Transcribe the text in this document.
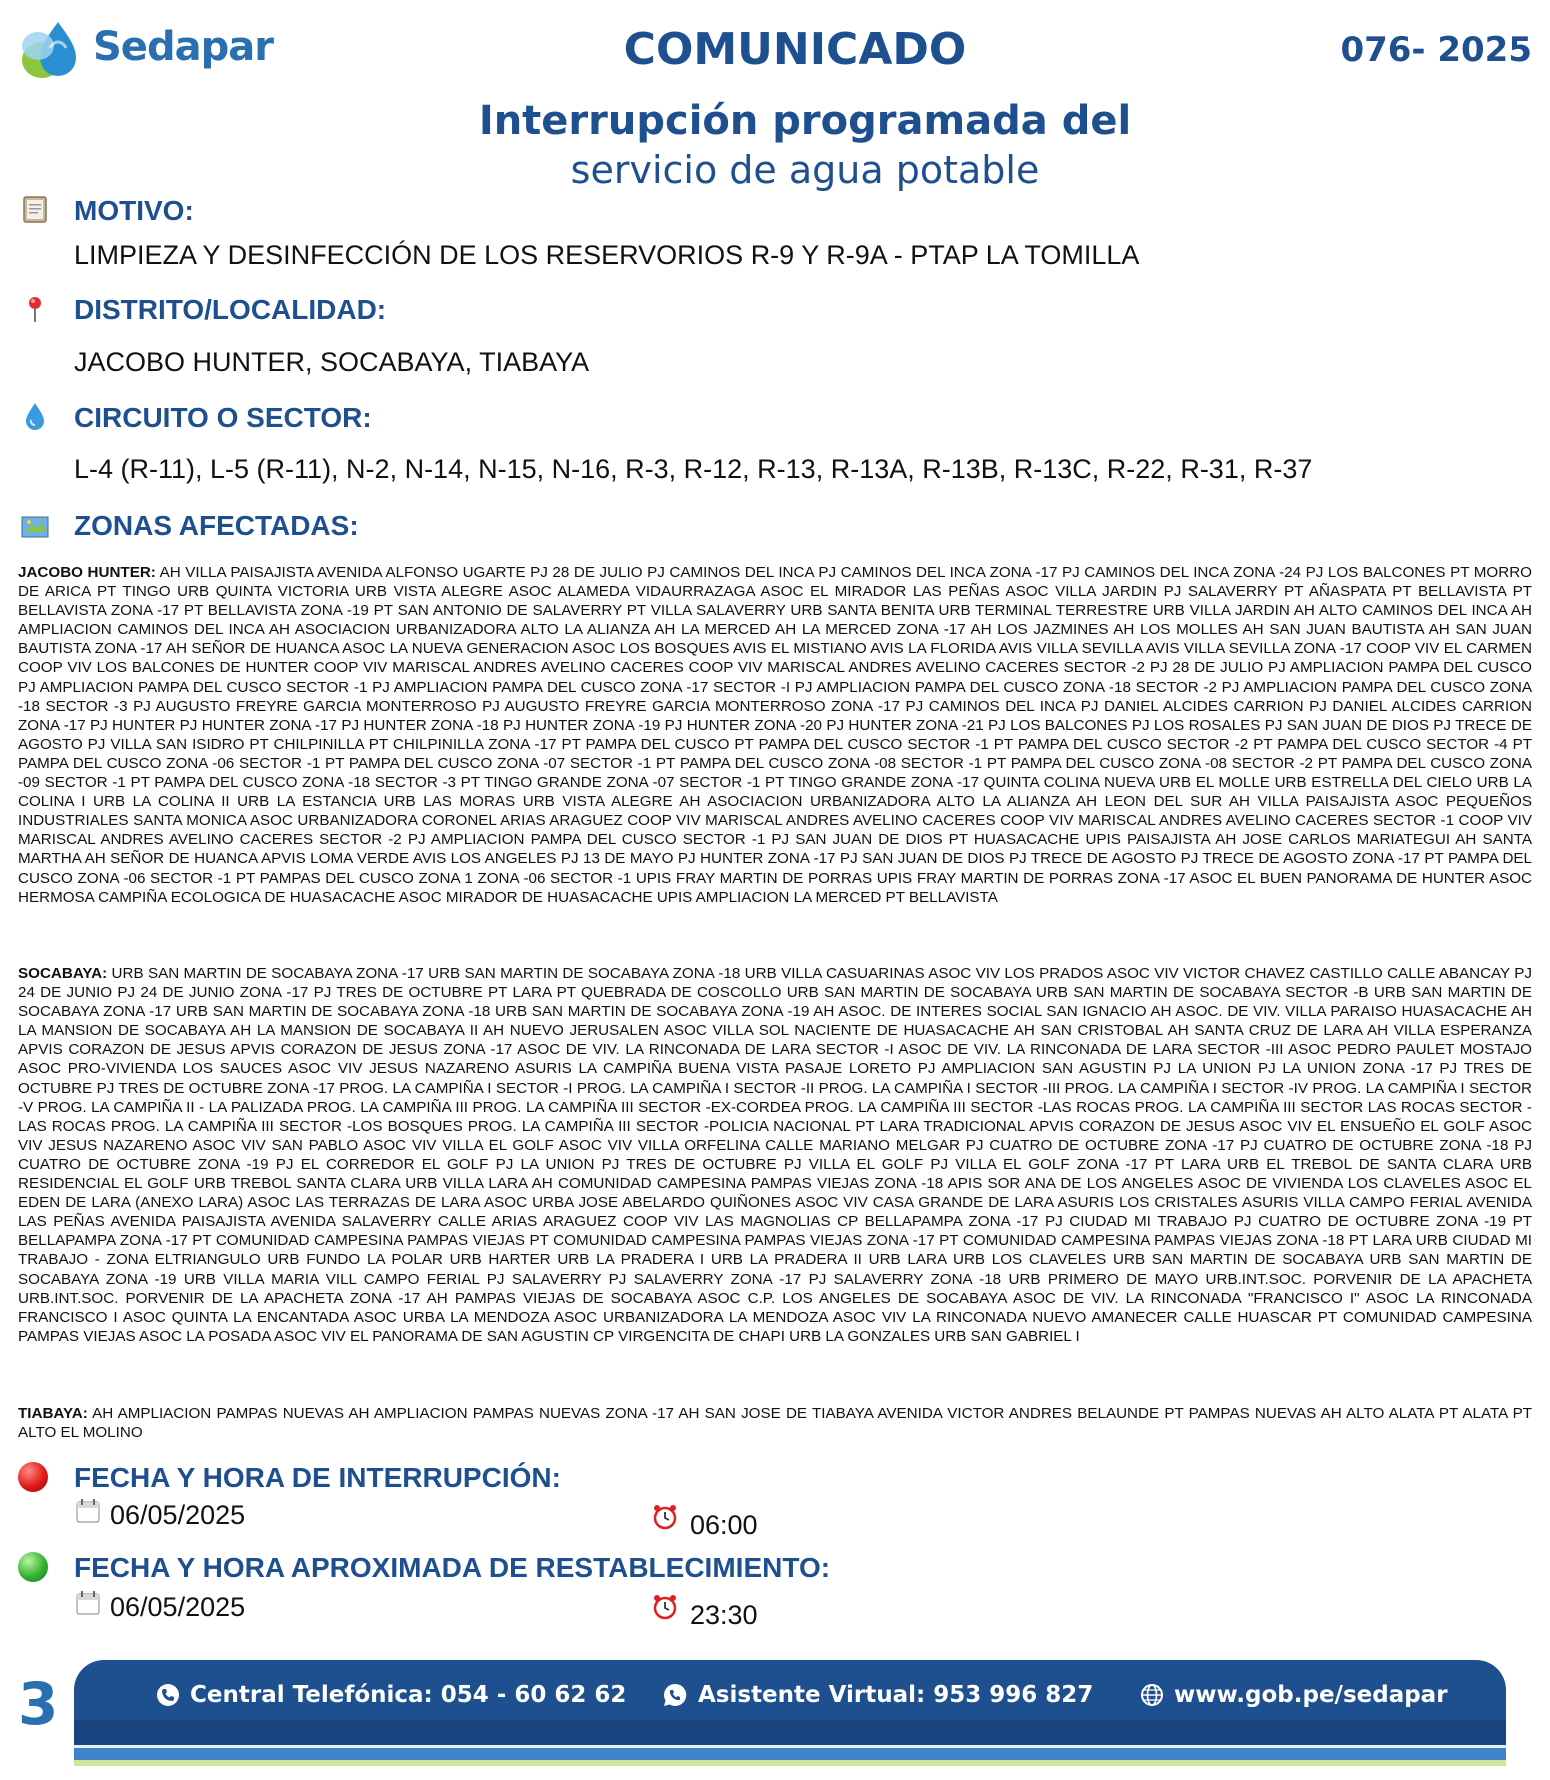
Sedapar	COMUNICADO	076- 2025
Interrupción programada del
servicio de agua potable
MOTIVO:
LIMPIEZA Y DESINFECCIÓN DE LOS RESERVORIOS R-9 Y R-9A - PTAP LA TOMILLA
DISTRITO/LOCALIDAD:
JACOBO HUNTER, SOCABAYA, TIABAYA
CIRCUITO O SECTOR:
L-4 (R-11), L-5 (R-11), N-2, N-14, N-15, N-16, R-3, R-12, R-13, R-13A, R-13B, R-13C, R-22, R-31, R-37
ZONAS AFECTADAS:
JACOBO HUNTER: AH VILLA PAISAJISTA AVENIDA ALFONSO UGARTE PJ 28 DE JULIO PJ CAMINOS DEL INCA PJ CAMINOS DEL INCA ZONA -17 PJ CAMINOS DEL INCA ZONA -24 PJ LOS BALCONES PT MORRO DE ARICA PT TINGO URB QUINTA VICTORIA URB VISTA ALEGRE ASOC ALAMEDA VIDAURRAZAGA ASOC EL MIRADOR LAS PEÑAS ASOC VILLA JARDIN PJ SALAVERRY PT AÑASPATA PT BELLAVISTA PT BELLAVISTA ZONA -17 PT BELLAVISTA ZONA -19 PT SAN ANTONIO DE SALAVERRY PT VILLA SALAVERRY URB SANTA BENITA URB TERMINAL TERRESTRE URB VILLA JARDIN AH ALTO CAMINOS DEL INCA AH AMPLIACION CAMINOS DEL INCA AH ASOCIACION URBANIZADORA ALTO LA ALIANZA AH LA MERCED AH LA MERCED ZONA -17 AH LOS JAZMINES AH LOS MOLLES AH SAN JUAN BAUTISTA AH SAN JUAN BAUTISTA ZONA -17 AH SEÑOR DE HUANCA ASOC LA NUEVA GENERACION ASOC LOS BOSQUES AVIS EL MISTIANO AVIS LA FLORIDA AVIS VILLA SEVILLA AVIS VILLA SEVILLA ZONA -17 COOP VIV EL CARMEN COOP VIV LOS BALCONES DE HUNTER COOP VIV MARISCAL ANDRES AVELINO CACERES COOP VIV MARISCAL ANDRES AVELINO CACERES SECTOR -2 PJ 28 DE JULIO PJ AMPLIACION PAMPA DEL CUSCO PJ AMPLIACION PAMPA DEL CUSCO SECTOR -1 PJ AMPLIACION PAMPA DEL CUSCO ZONA -17 SECTOR -I PJ AMPLIACION PAMPA DEL CUSCO ZONA -18 SECTOR -2 PJ AMPLIACION PAMPA DEL CUSCO ZONA -18 SECTOR -3 PJ AUGUSTO FREYRE GARCIA MONTERROSO PJ AUGUSTO FREYRE GARCIA MONTERROSO ZONA -17 PJ CAMINOS DEL INCA PJ DANIEL ALCIDES CARRION PJ DANIEL ALCIDES CARRION ZONA -17 PJ HUNTER PJ HUNTER ZONA -17 PJ HUNTER ZONA -18 PJ HUNTER ZONA -19 PJ HUNTER ZONA -20 PJ HUNTER ZONA -21 PJ LOS BALCONES PJ LOS ROSALES PJ SAN JUAN DE DIOS PJ TRECE DE AGOSTO PJ VILLA SAN ISIDRO PT CHILPINILLA PT CHILPINILLA ZONA -17 PT PAMPA DEL CUSCO PT PAMPA DEL CUSCO SECTOR -1 PT PAMPA DEL CUSCO SECTOR -2 PT PAMPA DEL CUSCO SECTOR -4 PT PAMPA DEL CUSCO ZONA -06 SECTOR -1 PT PAMPA DEL CUSCO ZONA -07 SECTOR -1 PT PAMPA DEL CUSCO ZONA -08 SECTOR -1 PT PAMPA DEL CUSCO ZONA -08 SECTOR -2 PT PAMPA DEL CUSCO ZONA -09 SECTOR -1 PT PAMPA DEL CUSCO ZONA -18 SECTOR -3 PT TINGO GRANDE ZONA -07 SECTOR -1 PT TINGO GRANDE ZONA -17 QUINTA COLINA NUEVA URB EL MOLLE URB ESTRELLA DEL CIELO URB LA COLINA I URB LA COLINA II URB LA ESTANCIA URB LAS MORAS URB VISTA ALEGRE AH ASOCIACION URBANIZADORA ALTO LA ALIANZA AH LEON DEL SUR AH VILLA PAISAJISTA ASOC PEQUEÑOS INDUSTRIALES SANTA MONICA ASOC URBANIZADORA CORONEL ARIAS ARAGUEZ COOP VIV MARISCAL ANDRES AVELINO CACERES COOP VIV MARISCAL ANDRES AVELINO CACERES SECTOR -1 COOP VIV MARISCAL ANDRES AVELINO CACERES SECTOR -2 PJ AMPLIACION PAMPA DEL CUSCO SECTOR -1 PJ SAN JUAN DE DIOS PT HUASACACHE UPIS PAISAJISTA AH JOSE CARLOS MARIATEGUI AH SANTA MARTHA AH SEÑOR DE HUANCA APVIS LOMA VERDE AVIS LOS ANGELES PJ 13 DE MAYO PJ HUNTER ZONA -17 PJ SAN JUAN DE DIOS PJ TRECE DE AGOSTO PJ TRECE DE AGOSTO ZONA -17 PT PAMPA DEL CUSCO ZONA -06 SECTOR -1 PT PAMPAS DEL CUSCO ZONA 1 ZONA -06 SECTOR -1 UPIS FRAY MARTIN DE PORRAS UPIS FRAY MARTIN DE PORRAS ZONA -17 ASOC EL BUEN PANORAMA DE HUNTER ASOC HERMOSA CAMPIÑA ECOLOGICA DE HUASACACHE ASOC MIRADOR DE HUASACACHE UPIS AMPLIACION LA MERCED PT BELLAVISTA
SOCABAYA: URB SAN MARTIN DE SOCABAYA ZONA -17 URB SAN MARTIN DE SOCABAYA ZONA -18 URB VILLA CASUARINAS ASOC VIV LOS PRADOS ASOC VIV VICTOR CHAVEZ CASTILLO CALLE ABANCAY PJ 24 DE JUNIO PJ 24 DE JUNIO ZONA -17 PJ TRES DE OCTUBRE PT LARA PT QUEBRADA DE COSCOLLO URB SAN MARTIN DE SOCABAYA URB SAN MARTIN DE SOCABAYA SECTOR -B URB SAN MARTIN DE SOCABAYA ZONA -17 URB SAN MARTIN DE SOCABAYA ZONA -18 URB SAN MARTIN DE SOCABAYA ZONA -19 AH ASOC. DE INTERES SOCIAL SAN IGNACIO AH ASOC. DE VIV. VILLA PARAISO HUASACACHE AH LA MANSION DE SOCABAYA AH LA MANSION DE SOCABAYA II AH NUEVO JERUSALEN ASOC VILLA SOL NACIENTE DE HUASACACHE AH SAN CRISTOBAL AH SANTA CRUZ DE LARA AH VILLA ESPERANZA APVIS CORAZON DE JESUS APVIS CORAZON DE JESUS ZONA -17 ASOC DE VIV. LA RINCONADA DE LARA SECTOR -I ASOC DE VIV. LA RINCONADA DE LARA SECTOR -III ASOC PEDRO PAULET MOSTAJO ASOC PRO-VIVIENDA LOS SAUCES ASOC VIV JESUS NAZARENO ASURIS LA CAMPIÑA BUENA VISTA PASAJE LORETO PJ AMPLIACION SAN AGUSTIN PJ LA UNION PJ LA UNION ZONA -17 PJ TRES DE OCTUBRE PJ TRES DE OCTUBRE ZONA -17 PROG. LA CAMPIÑA I SECTOR -I PROG. LA CAMPIÑA I SECTOR -II PROG. LA CAMPIÑA I SECTOR -III PROG. LA CAMPIÑA I SECTOR -IV PROG. LA CAMPIÑA I SECTOR -V PROG. LA CAMPIÑA II - LA PALIZADA PROG. LA CAMPIÑA III PROG. LA CAMPIÑA III SECTOR -EX-CORDEA PROG. LA CAMPIÑA III SECTOR -LAS ROCAS PROG. LA CAMPIÑA III SECTOR LAS ROCAS SECTOR -LAS ROCAS PROG. LA CAMPIÑA III SECTOR -LOS BOSQUES PROG. LA CAMPIÑA III SECTOR -POLICIA NACIONAL PT LARA TRADICIONAL APVIS CORAZON DE JESUS ASOC VIV EL ENSUEÑO EL GOLF ASOC VIV JESUS NAZARENO ASOC VIV SAN PABLO ASOC VIV VILLA EL GOLF ASOC VIV VILLA ORFELINA CALLE MARIANO MELGAR PJ CUATRO DE OCTUBRE ZONA -17 PJ CUATRO DE OCTUBRE ZONA -18 PJ CUATRO DE OCTUBRE ZONA -19 PJ EL CORREDOR EL GOLF PJ LA UNION PJ TRES DE OCTUBRE PJ VILLA EL GOLF PJ VILLA EL GOLF ZONA -17 PT LARA URB EL TREBOL DE SANTA CLARA URB RESIDENCIAL EL GOLF URB TREBOL SANTA CLARA URB VILLA LARA AH COMUNIDAD CAMPESINA PAMPAS VIEJAS ZONA -18 APIS SOR ANA DE LOS ANGELES ASOC DE VIVIENDA LOS CLAVELES ASOC EL EDEN DE LARA (ANEXO LARA) ASOC LAS TERRAZAS DE LARA ASOC URBA JOSE ABELARDO QUIÑONES ASOC VIV CASA GRANDE DE LARA ASURIS LOS CRISTALES ASURIS VILLA CAMPO FERIAL AVENIDA LAS PEÑAS AVENIDA PAISAJISTA AVENIDA SALAVERRY CALLE ARIAS ARAGUEZ COOP VIV LAS MAGNOLIAS CP BELLAPAMPA ZONA -17 PJ CIUDAD MI TRABAJO PJ CUATRO DE OCTUBRE ZONA -19 PT BELLAPAMPA ZONA -17 PT COMUNIDAD CAMPESINA PAMPAS VIEJAS PT COMUNIDAD CAMPESINA PAMPAS VIEJAS ZONA -17 PT COMUNIDAD CAMPESINA PAMPAS VIEJAS ZONA -18 PT LARA URB CIUDAD MI TRABAJO - ZONA ELTRIANGULO URB FUNDO LA POLAR URB HARTER URB LA PRADERA I URB LA PRADERA II URB LARA URB LOS CLAVELES URB SAN MARTIN DE SOCABAYA URB SAN MARTIN DE SOCABAYA ZONA -19 URB VILLA MARIA VILL CAMPO FERIAL PJ SALAVERRY PJ SALAVERRY ZONA -17 PJ SALAVERRY ZONA -18 URB PRIMERO DE MAYO URB.INT.SOC. PORVENIR DE LA APACHETA URB.INT.SOC. PORVENIR DE LA APACHETA ZONA -17 AH PAMPAS VIEJAS DE SOCABAYA ASOC C.P. LOS ANGELES DE SOCABAYA ASOC DE VIV. LA RINCONADA "FRANCISCO I" ASOC LA RINCONADA FRANCISCO I ASOC QUINTA LA ENCANTADA ASOC URBA LA MENDOZA ASOC URBANIZADORA LA MENDOZA ASOC VIV LA RINCONADA NUEVO AMANECER CALLE HUASCAR PT COMUNIDAD CAMPESINA PAMPAS VIEJAS ASOC LA POSADA ASOC VIV EL PANORAMA DE SAN AGUSTIN CP VIRGENCITA DE CHAPI URB LA GONZALES URB SAN GABRIEL I
TIABAYA: AH AMPLIACION PAMPAS NUEVAS AH AMPLIACION PAMPAS NUEVAS ZONA -17 AH SAN JOSE DE TIABAYA AVENIDA VICTOR ANDRES BELAUNDE PT PAMPAS NUEVAS AH ALTO ALATA PT ALATA PT ALTO EL MOLINO
FECHA Y HORA DE INTERRUPCIÓN:
06/05/2025	06:00
FECHA Y HORA APROXIMADA DE RESTABLECIMIENTO:
06/05/2025	23:30
3	Central Telefónica: 054 - 60 62 62	Asistente Virtual: 953 996 827	www.gob.pe/sedapar
